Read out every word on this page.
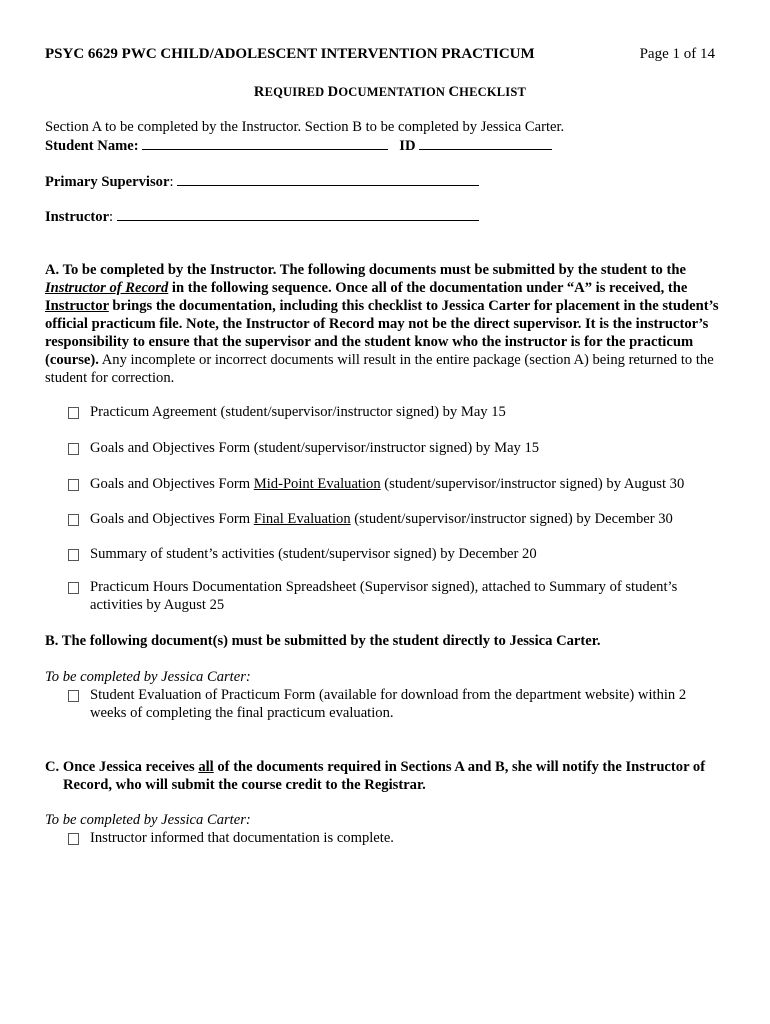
PSYC 6629 PWC CHILD/ADOLESCENT INTERVENTION PRACTICUM	Page 1 of 14
REQUIRED DOCUMENTATION CHECKLIST
Section A to be completed by the Instructor. Section B to be completed by Jessica Carter.
Student Name:	ID
Primary Supervisor:
Instructor:
A. To be completed by the Instructor. The following documents must be submitted by the student to the Instructor of Record in the following sequence. Once all of the documentation under “A” is received, the Instructor brings the documentation, including this checklist to Jessica Carter for placement in the student’s official practicum file. Note, the Instructor of Record may not be the direct supervisor. It is the instructor’s responsibility to ensure that the supervisor and the student know who the instructor is for the practicum (course). Any incomplete or incorrect documents will result in the entire package (section A) being returned to the student for correction.
Practicum Agreement (student/supervisor/instructor signed) by May 15
Goals and Objectives Form (student/supervisor/instructor signed) by May 15
Goals and Objectives Form Mid-Point Evaluation (student/supervisor/instructor signed) by August 30
Goals and Objectives Form Final Evaluation (student/supervisor/instructor signed) by December 30
Summary of student’s activities (student/supervisor signed) by December 20
Practicum Hours Documentation Spreadsheet (Supervisor signed), attached to Summary of student’s activities by August 25
B. The following document(s) must be submitted by the student directly to Jessica Carter.
To be completed by Jessica Carter:
Student Evaluation of Practicum Form (available for download from the department website) within 2 weeks of completing the final practicum evaluation.
C. Once Jessica receives all of the documents required in Sections A and B, she will notify the Instructor of
Record, who will submit the course credit to the Registrar.
To be completed by Jessica Carter:
Instructor informed that documentation is complete.
